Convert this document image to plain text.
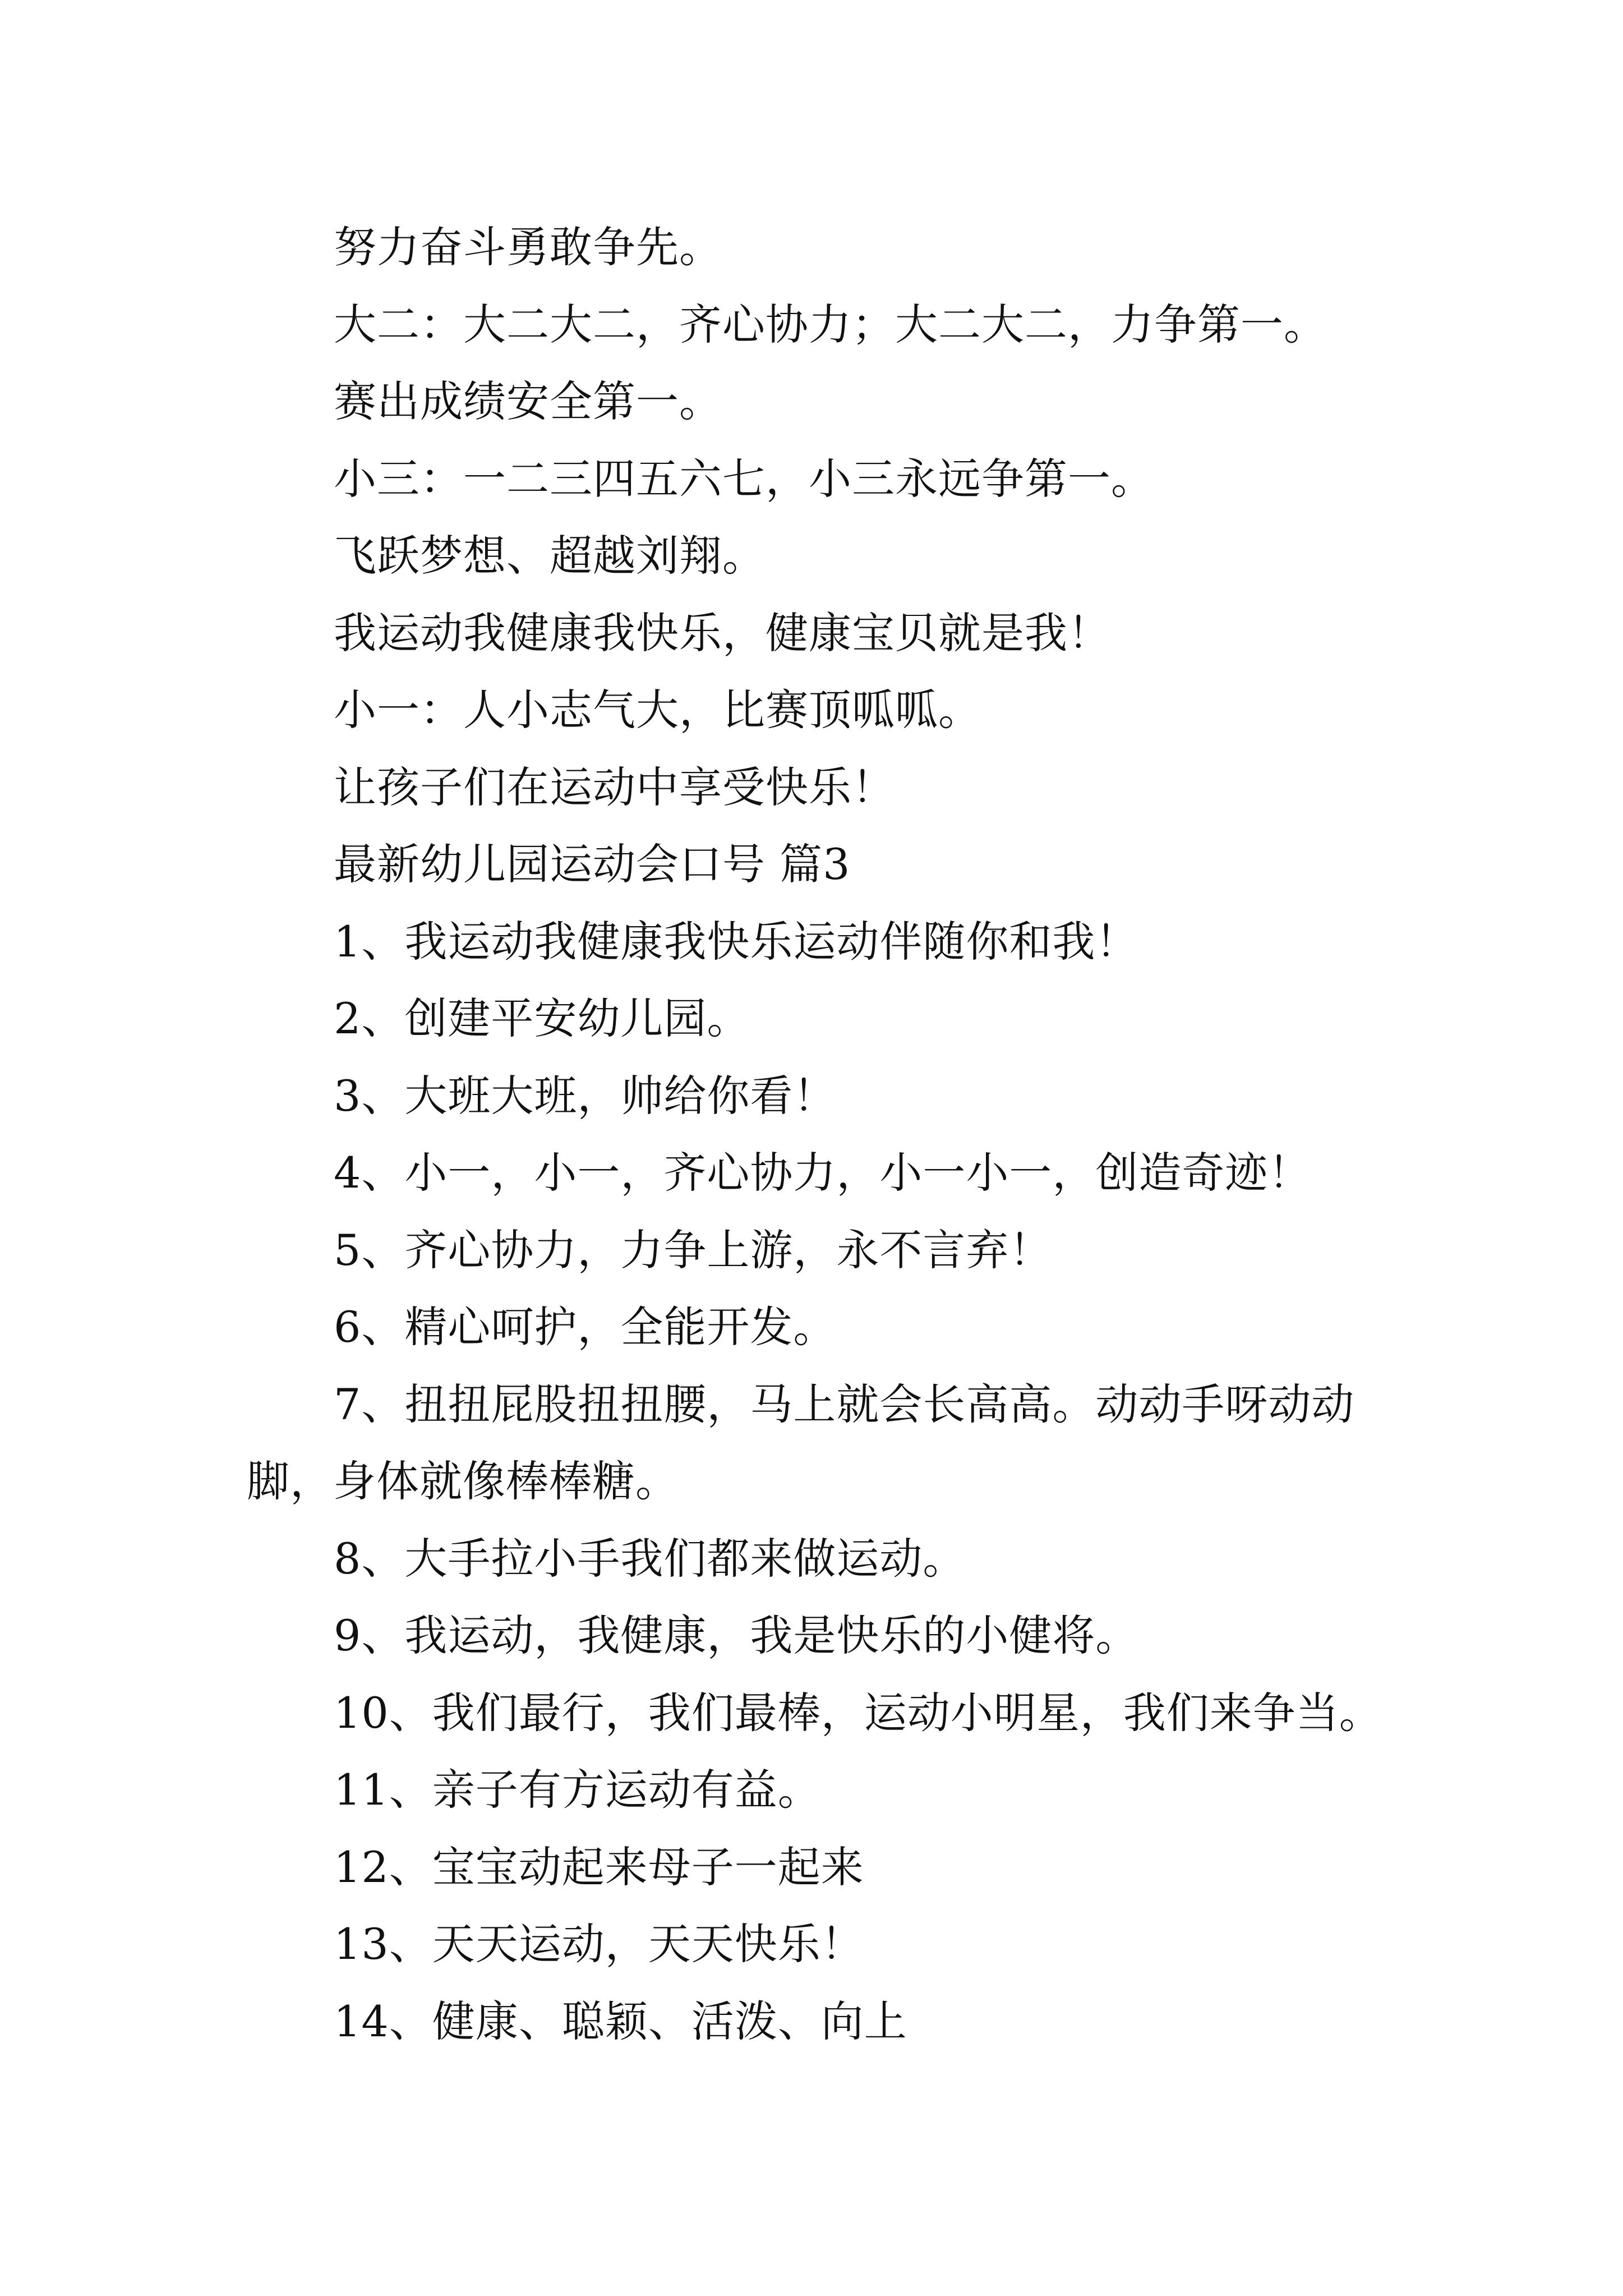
努力奋斗勇敢争先。
大二：大二大二，齐心协力；大二大二，力争第一。
赛出成绩安全第一。
小三：一二三四五六七，小三永远争第一。
飞跃梦想、超越刘翔。
我运动我健康我快乐，健康宝贝就是我！
小一：人小志气大，比赛顶呱呱。
让孩子们在运动中享受快乐！
最新幼儿园运动会口号 篇3
1、我运动我健康我快乐运动伴随你和我！
2、创建平安幼儿园。
3、大班大班，帅给你看！
4、小一，小一，齐心协力，小一小一，创造奇迹！
5、齐心协力，力争上游，永不言弃！
6、精心呵护，全能开发。
7、扭扭屁股扭扭腰，马上就会长高高。动动手呀动动
脚，身体就像棒棒糖。
8、大手拉小手我们都来做运动。
9、我运动，我健康，我是快乐的小健将。
10、我们最行，我们最棒，运动小明星，我们来争当。
11、亲子有方运动有益。
12、宝宝动起来母子一起来
13、天天运动，天天快乐！
14、健康、聪颖、活泼、向上
